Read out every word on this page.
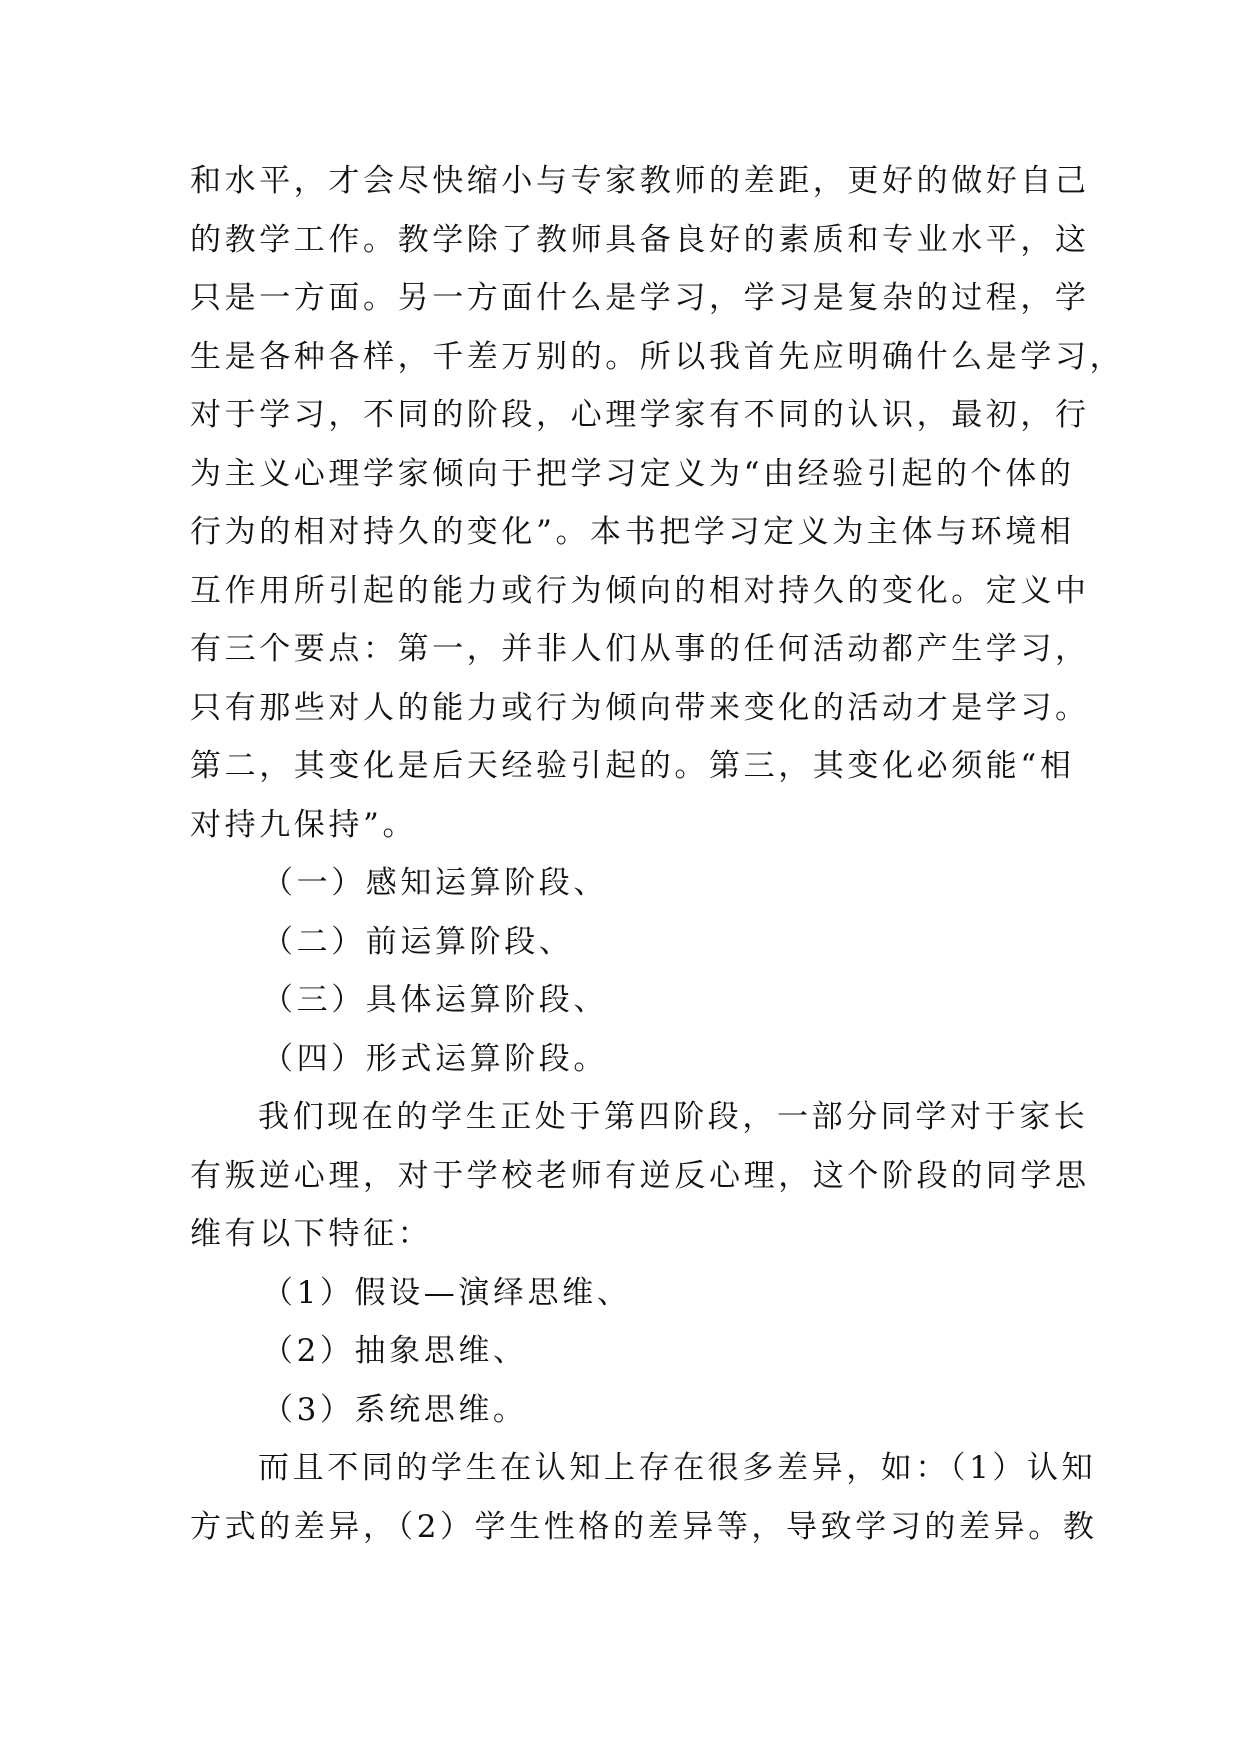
和水平，才会尽快缩小与专家教师的差距，更好的做好自己
的教学工作。教学除了教师具备良好的素质和专业水平，这
只是一方面。另一方面什么是学习，学习是复杂的过程，学
生是各种各样，千差万别的。所以我首先应明确什么是学习，
对于学习，不同的阶段，心理学家有不同的认识，最初，行
为主义心理学家倾向于把学习定义为“由经验引起的个体的
行为的相对持久的变化”。本书把学习定义为主体与环境相
互作用所引起的能力或行为倾向的相对持久的变化。定义中
有三个要点：第一，并非人们从事的任何活动都产生学习，
只有那些对人的能力或行为倾向带来变化的活动才是学习。
第二，其变化是后天经验引起的。第三，其变化必须能“相
对持九保持”。
（一）感知运算阶段、
（二）前运算阶段、
（三）具体运算阶段、
（四）形式运算阶段。
我们现在的学生正处于第四阶段，一部分同学对于家长
有叛逆心理，对于学校老师有逆反心理，这个阶段的同学思
维有以下特征：
（1）假设—演绎思维、
（2）抽象思维、
（3）系统思维。
而且不同的学生在认知上存在很多差异，如：（1）认知
方式的差异，（2）学生性格的差异等，导致学习的差异。教
